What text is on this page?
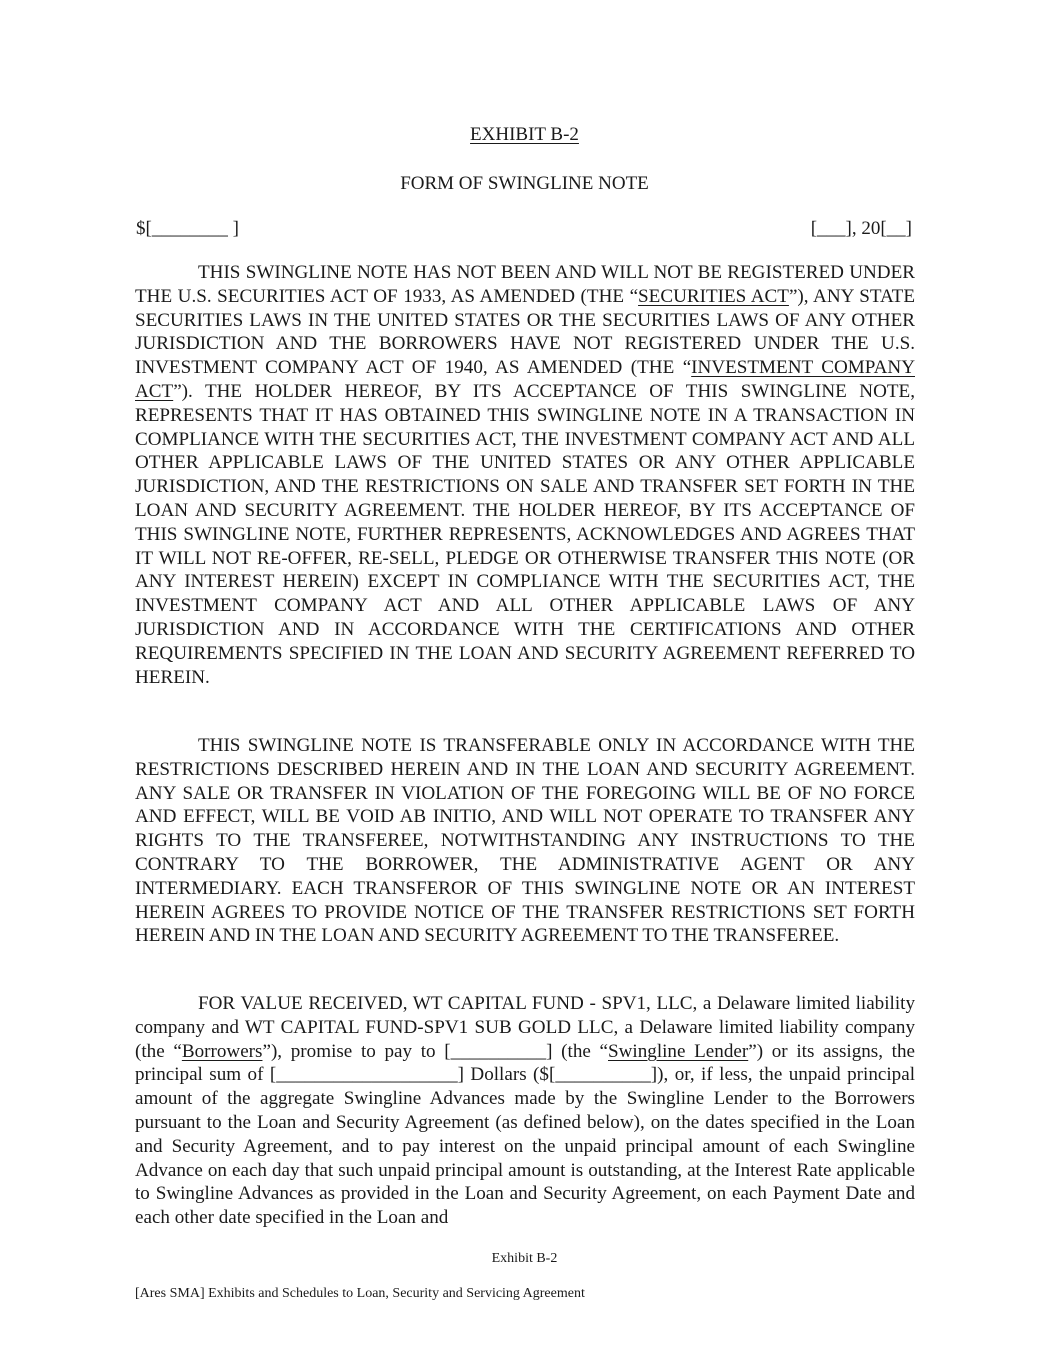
EXHIBIT B-2
FORM OF SWINGLINE NOTE
$[________ ]	[___], 20[__]

THIS SWINGLINE NOTE HAS NOT BEEN AND WILL NOT BE REGISTERED UNDER THE U.S. SECURITIES ACT OF 1933, AS AMENDED (THE “SECURITIES ACT”), ANY STATE SECURITIES LAWS IN THE UNITED STATES OR THE SECURITIES LAWS OF ANY OTHER JURISDICTION AND THE BORROWERS HAVE NOT REGISTERED UNDER THE U.S. INVESTMENT COMPANY ACT OF 1940, AS AMENDED (THE “INVESTMENT COMPANY ACT”). THE HOLDER HEREOF, BY ITS ACCEPTANCE OF THIS SWINGLINE NOTE, REPRESENTS THAT IT HAS OBTAINED THIS SWINGLINE NOTE IN A TRANSACTION IN COMPLIANCE WITH THE SECURITIES ACT, THE INVESTMENT COMPANY ACT AND ALL OTHER APPLICABLE LAWS OF THE UNITED STATES OR ANY OTHER APPLICABLE JURISDICTION, AND THE RESTRICTIONS ON SALE AND TRANSFER SET FORTH IN THE LOAN AND SECURITY AGREEMENT. THE HOLDER HEREOF, BY ITS ACCEPTANCE OF THIS SWINGLINE NOTE, FURTHER REPRESENTS, ACKNOWLEDGES AND AGREES THAT IT WILL NOT RE-OFFER, RE-SELL, PLEDGE OR OTHERWISE TRANSFER THIS NOTE (OR ANY INTEREST HEREIN) EXCEPT IN COMPLIANCE WITH THE SECURITIES ACT, THE INVESTMENT COMPANY ACT AND ALL OTHER APPLICABLE LAWS OF ANY JURISDICTION AND IN ACCORDANCE WITH THE CERTIFICATIONS AND OTHER REQUIREMENTS SPECIFIED IN THE LOAN AND SECURITY AGREEMENT REFERRED TO HEREIN.

THIS SWINGLINE NOTE IS TRANSFERABLE ONLY IN ACCORDANCE WITH THE RESTRICTIONS DESCRIBED HEREIN AND IN THE LOAN AND SECURITY AGREEMENT. ANY SALE OR TRANSFER IN VIOLATION OF THE FOREGOING WILL BE OF NO FORCE AND EFFECT, WILL BE VOID AB INITIO, AND WILL NOT OPERATE TO TRANSFER ANY RIGHTS TO THE TRANSFEREE, NOTWITHSTANDING ANY INSTRUCTIONS TO THE CONTRARY TO THE BORROWER, THE ADMINISTRATIVE AGENT OR ANY INTERMEDIARY. EACH TRANSFEROR OF THIS SWINGLINE NOTE OR AN INTEREST HEREIN AGREES TO PROVIDE NOTICE OF THE TRANSFER RESTRICTIONS SET FORTH HEREIN AND IN THE LOAN AND SECURITY AGREEMENT TO THE TRANSFEREE.

FOR VALUE RECEIVED, WT CAPITAL FUND - SPV1, LLC, a Delaware limited liability company and WT CAPITAL FUND-SPV1 SUB GOLD LLC, a Delaware limited liability company (the “Borrowers”), promise to pay to [__________] (the “Swingline Lender”) or its assigns, the principal sum of [___________________] Dollars ($[__________]), or, if less, the unpaid principal amount of the aggregate Swingline Advances made by the Swingline Lender to the Borrowers pursuant to the Loan and Security Agreement (as defined below), on the dates specified in the Loan and Security Agreement, and to pay interest on the unpaid principal amount of each Swingline Advance on each day that such unpaid principal amount is outstanding, at the Interest Rate applicable to Swingline Advances as provided in the Loan and Security Agreement, on each Payment Date and each other date specified in the Loan and

Exhibit B-2
[Ares SMA] Exhibits and Schedules to Loan, Security and Servicing Agreement
